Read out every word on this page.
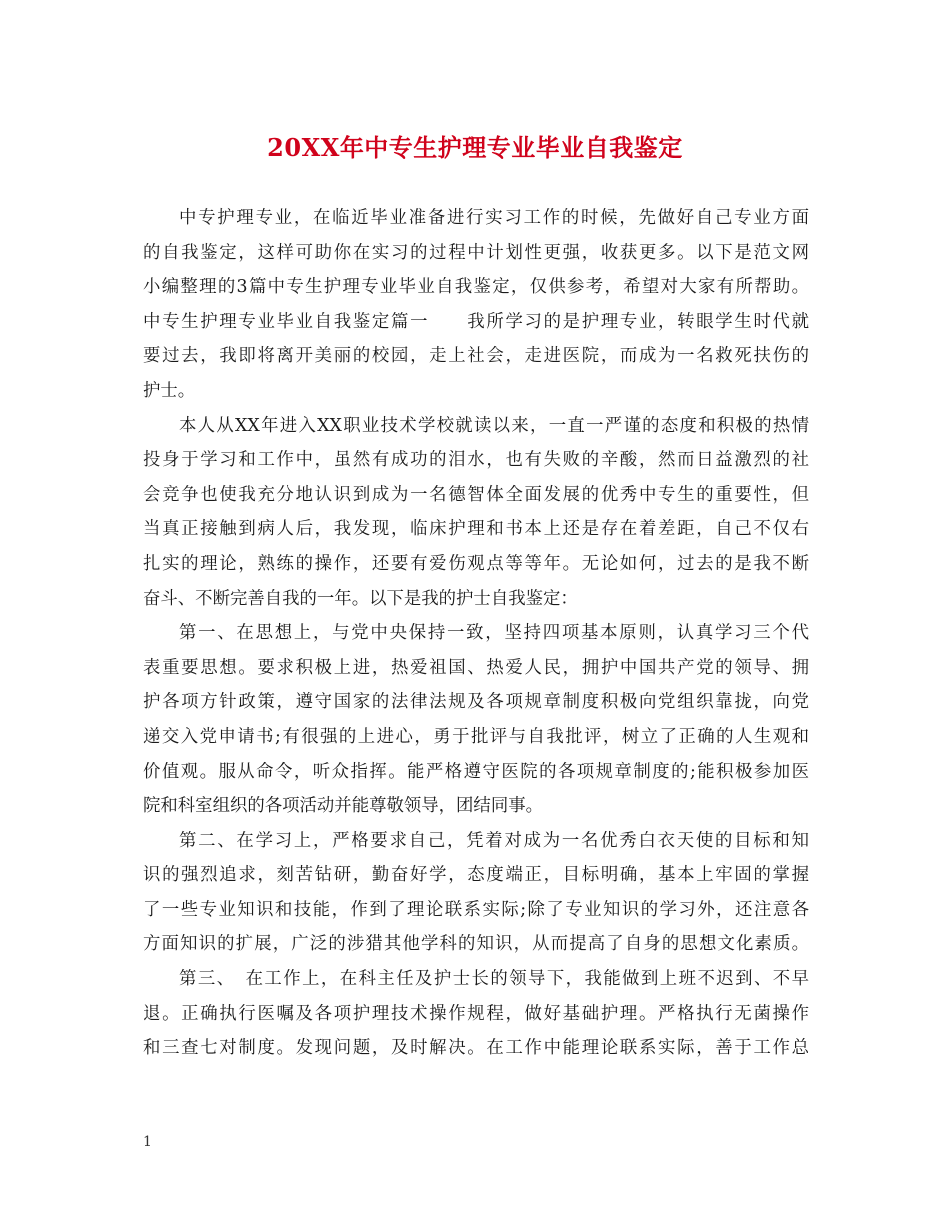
20XX年中专生护理专业毕业自我鉴定
中专护理专业，在临近毕业准备进行实习工作的时候，先做好自己专业方面
的自我鉴定，这样可助你在实习的过程中计划性更强，收获更多。以下是范文网
小编整理的3篇中专生护理专业毕业自我鉴定，仅供参考，希望对大家有所帮助。
中专生护理专业毕业自我鉴定篇一　　我所学习的是护理专业，转眼学生时代就
要过去，我即将离开美丽的校园，走上社会，走进医院，而成为一名救死扶伤的
护士。
本人从XX年进入XX职业技术学校就读以来，一直一严谨的态度和积极的热情
投身于学习和工作中，虽然有成功的泪水，也有失败的辛酸，然而日益激烈的社
会竞争也使我充分地认识到成为一名德智体全面发展的优秀中专生的重要性，但
当真正接触到病人后，我发现，临床护理和书本上还是存在着差距，自己不仅右
扎实的理论，熟练的操作，还要有爱伤观点等等年。无论如何，过去的是我不断
奋斗、不断完善自我的一年。以下是我的护士自我鉴定：
第一、在思想上，与党中央保持一致，坚持四项基本原则，认真学习三个代
表重要思想。要求积极上进，热爱祖国、热爱人民，拥护中国共产党的领导、拥
护各项方针政策，遵守国家的法律法规及各项规章制度积极向党组织靠拢，向党
递交入党申请书;有很强的上进心，勇于批评与自我批评，树立了正确的人生观和
价值观。服从命令，听众指挥。能严格遵守医院的各项规章制度的;能积极参加医
院和科室组织的各项活动并能尊敬领导，团结同事。
第二、在学习上，严格要求自己，凭着对成为一名优秀白衣天使的目标和知
识的强烈追求，刻苦钻研，勤奋好学，态度端正，目标明确，基本上牢固的掌握
了一些专业知识和技能，作到了理论联系实际;除了专业知识的学习外，还注意各
方面知识的扩展，广泛的涉猎其他学科的知识，从而提高了自身的思想文化素质。
第三、　在工作上，在科主任及护士长的领导下，我能做到上班不迟到、不早
退。正确执行医嘱及各项护理技术操作规程，做好基础护理。严格执行无菌操作
和三查七对制度。发现问题，及时解决。在工作中能理论联系实际，善于工作总
1
